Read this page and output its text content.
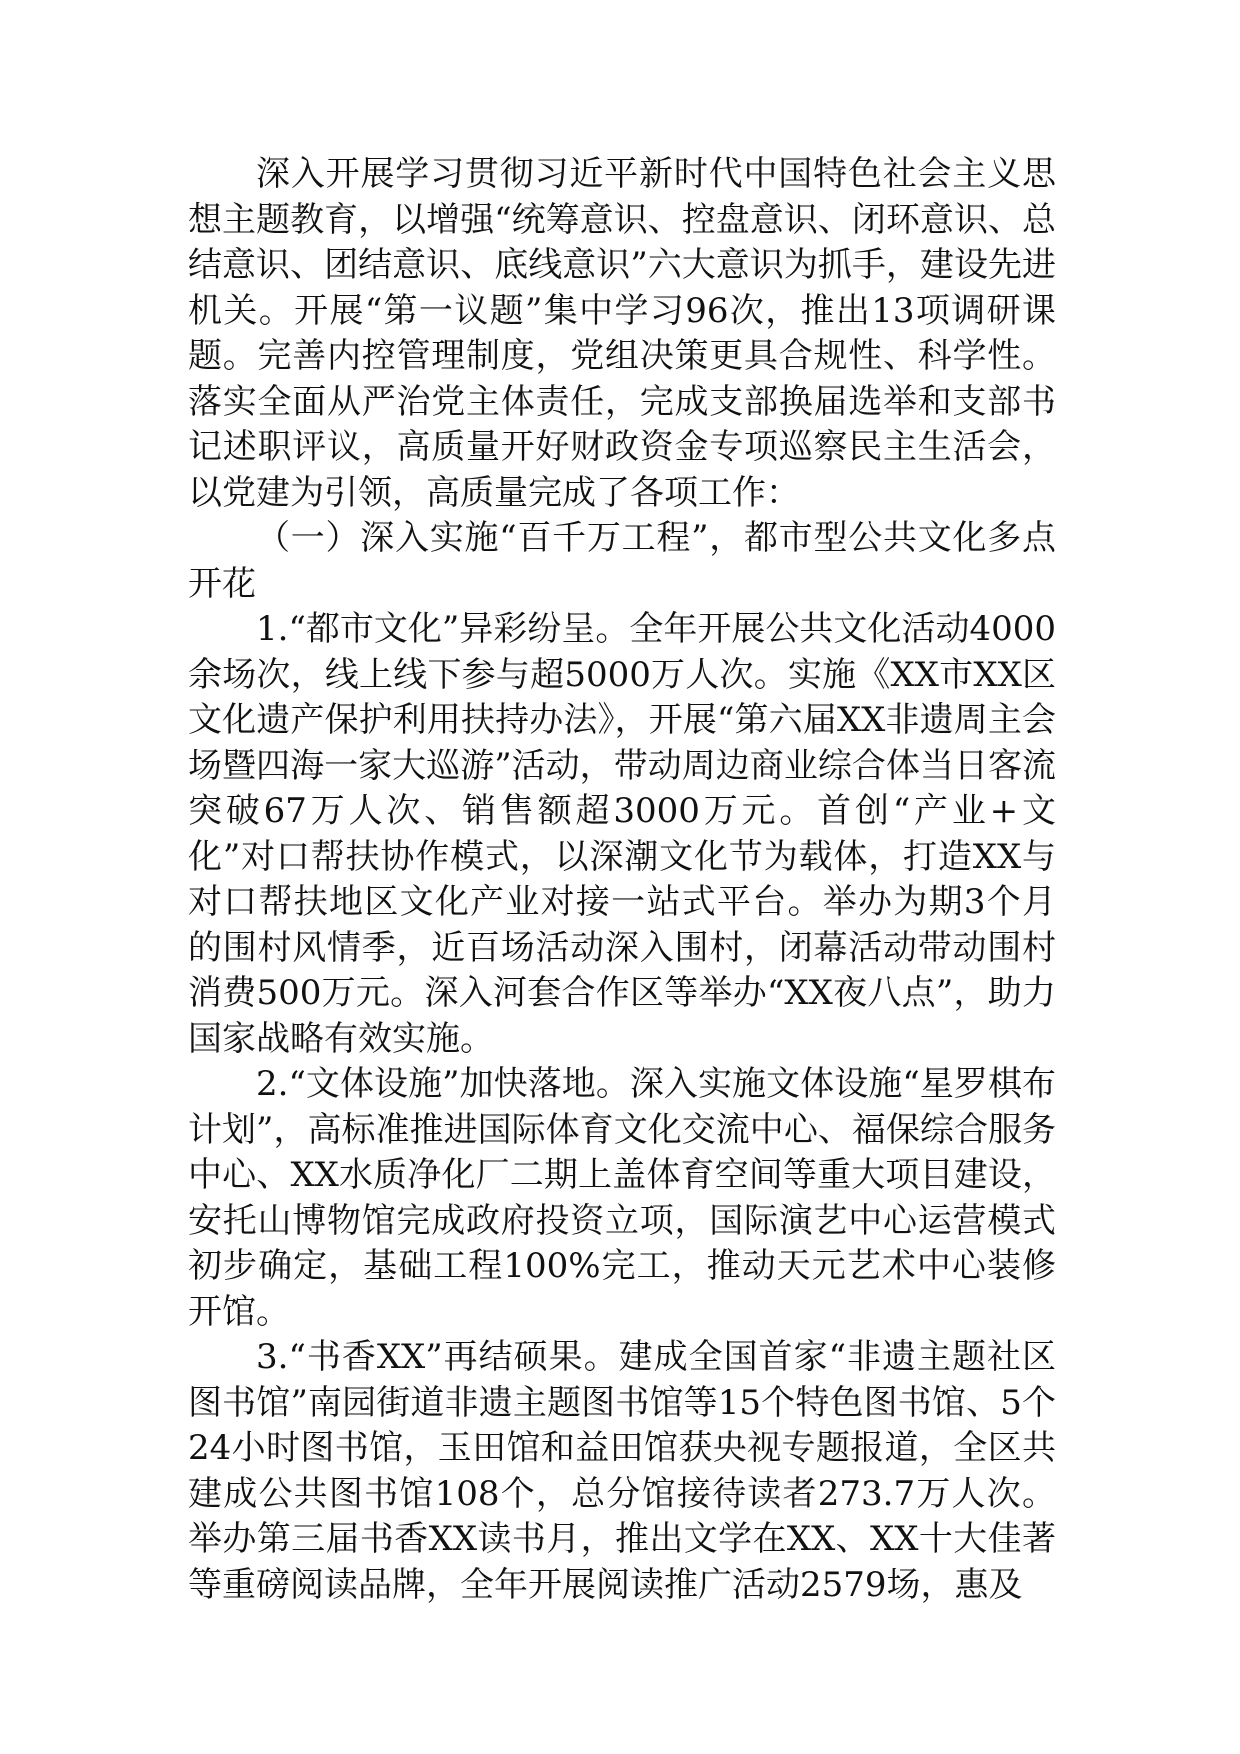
深入开展学习贯彻习近平新时代中国特色社会主义思想主题教育，以增强“统筹意识、控盘意识、闭环意识、总结意识、团结意识、底线意识”六大意识为抓手，建设先进机关。开展“第一议题”集中学习96次，推出13项调研课题。完善内控管理制度，党组决策更具合规性、科学性。落实全面从严治党主体责任，完成支部换届选举和支部书记述职评议，高质量开好财政资金专项巡察民主生活会，以党建为引领，高质量完成了各项工作：

（一）深入实施“百千万工程”，都市型公共文化多点开花

1.“都市文化”异彩纷呈。全年开展公共文化活动4000余场次，线上线下参与超5000万人次。实施《XX市XX区文化遗产保护利用扶持办法》，开展“第六届XX非遗周主会场暨四海一家大巡游”活动，带动周边商业综合体当日客流突破67万人次、销售额超3000万元。首创“产业+文化”对口帮扶协作模式，以深潮文化节为载体，打造XX与对口帮扶地区文化产业对接一站式平台。举办为期3个月的围村风情季，近百场活动深入围村，闭幕活动带动围村消费500万元。深入河套合作区等举办“XX夜八点”，助力国家战略有效实施。

2.“文体设施”加快落地。深入实施文体设施“星罗棋布计划”，高标准推进国际体育文化交流中心、福保综合服务中心、XX水质净化厂二期上盖体育空间等重大项目建设，安托山博物馆完成政府投资立项，国际演艺中心运营模式初步确定，基础工程100%完工，推动天元艺术中心装修开馆。

3.“书香XX”再结硕果。建成全国首家“非遗主题社区图书馆”南园街道非遗主题图书馆等15个特色图书馆、5个24小时图书馆，玉田馆和益田馆获央视专题报道，全区共建成公共图书馆108个，总分馆接待读者273.7万人次。举办第三届书香XX读书月，推出文学在XX、XX十大佳著等重磅阅读品牌，全年开展阅读推广活动2579场，惠及
